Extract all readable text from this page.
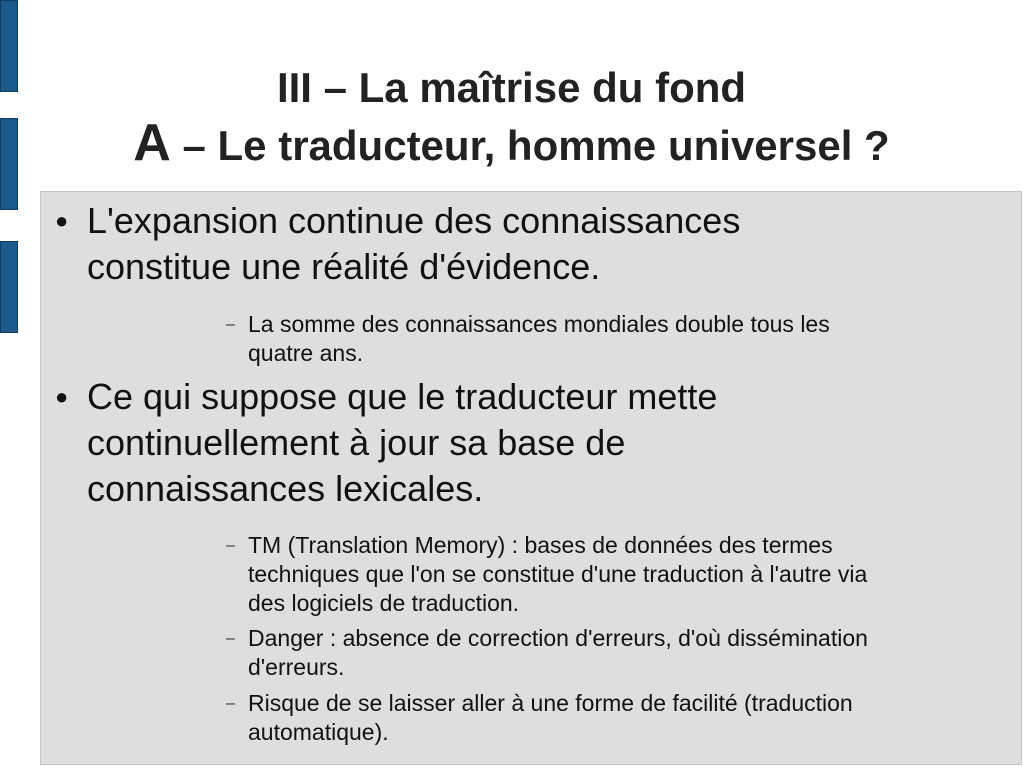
III – La maîtrise du fond
A – Le traducteur, homme universel ?
● L'expansion continue des connaissances
constitue une réalité d'évidence.
– La somme des connaissances mondiales double tous les
quatre ans.
● Ce qui suppose que le traducteur mette
continuellement à jour sa base de
connaissances lexicales.
– TM (Translation Memory) : bases de données des termes
techniques que l'on se constitue d'une traduction à l'autre via
des logiciels de traduction.
– Danger : absence de correction d'erreurs, d'où dissémination
d'erreurs.
– Risque de se laisser aller à une forme de facilité (traduction
automatique).
